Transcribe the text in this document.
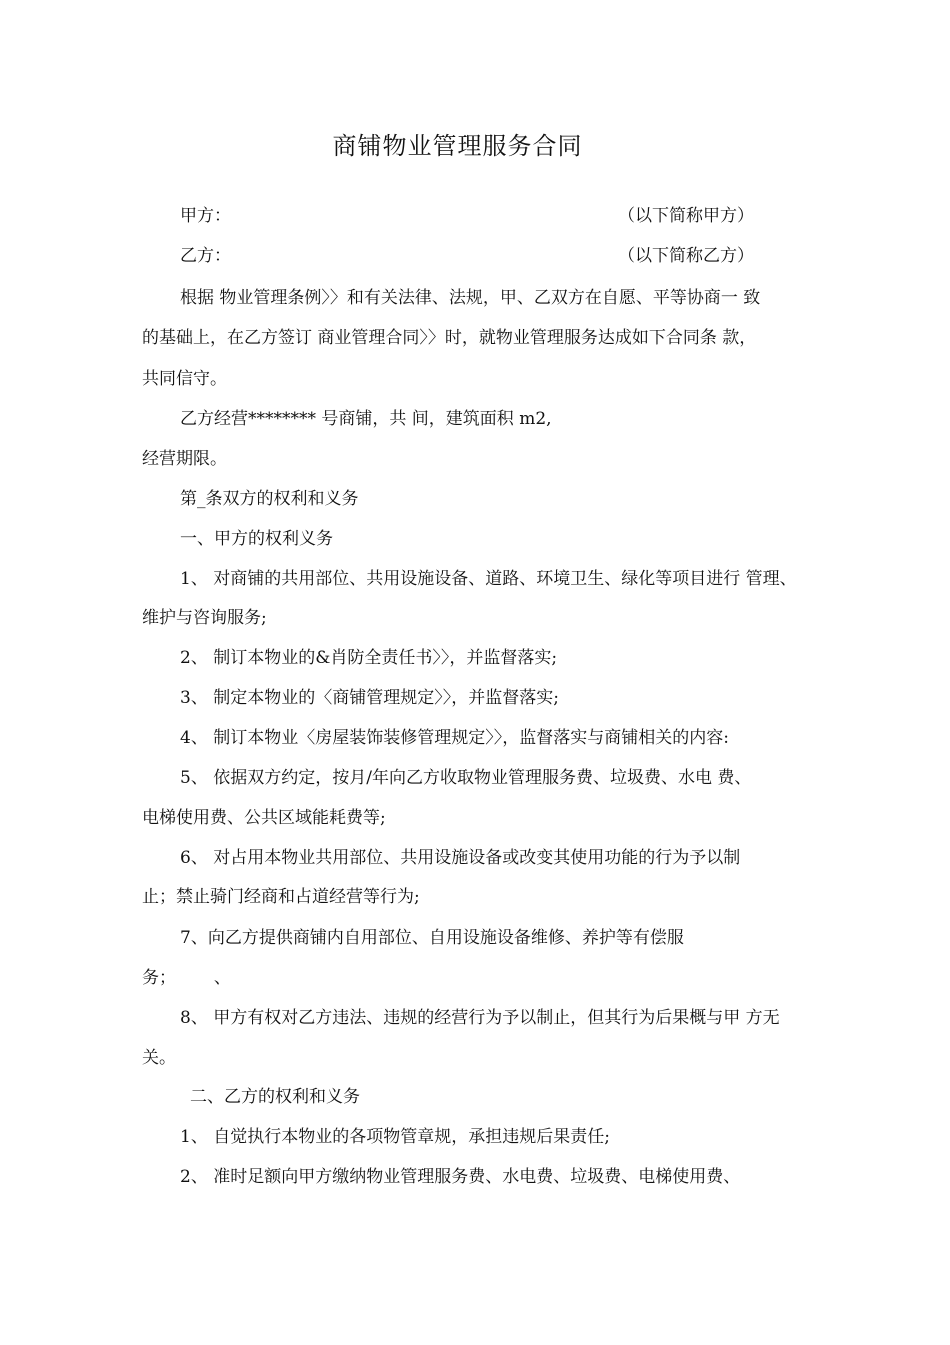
商铺物业管理服务合同
甲方：	（以下简称甲方）
乙方：	（以下简称乙方）
根据 物业管理条例〉〉和有关法律、法规，甲、乙双方在自愿、平等协商一 致
的基础上，在乙方签订 商业管理合同〉〉时，就物业管理服务达成如下合同条 款，
共同信守。
乙方经营******** 号商铺，共 间，建筑面积 m2,
经营期限。
第_条双方的权利和义务
一、甲方的权利义务
1、 对商铺的共用部位、共用设施设备、道路、环境卫生、绿化等项目进行 管理、
维护与咨询服务;
2、 制订本物业的&肖防全责任书〉〉，并监督落实;
3、 制定本物业的〈商铺管理规定〉〉，并监督落实;
4、 制订本物业〈房屋装饰装修管理规定〉〉，监督落实与商铺相关的内容:
5、 依据双方约定，按月/年向乙方收取物业管理服务费、垃圾费、水电 费、
电梯使用费、公共区域能耗费等;
6、 对占用本物业共用部位、共用设施设备或改变其使用功能的行为予以制
止；禁止骑门经商和占道经营等行为;
7、向乙方提供商铺内自用部位、自用设施设备维修、养护等有偿服
务；       、
8、 甲方有权对乙方违法、违规的经营行为予以制止，但其行为后果概与甲 方无
关。
二、乙方的权利和义务
1、 自觉执行本物业的各项物管章规，承担违规后果责任;
2、 准时足额向甲方缴纳物业管理服务费、水电费、垃圾费、电梯使用费、
